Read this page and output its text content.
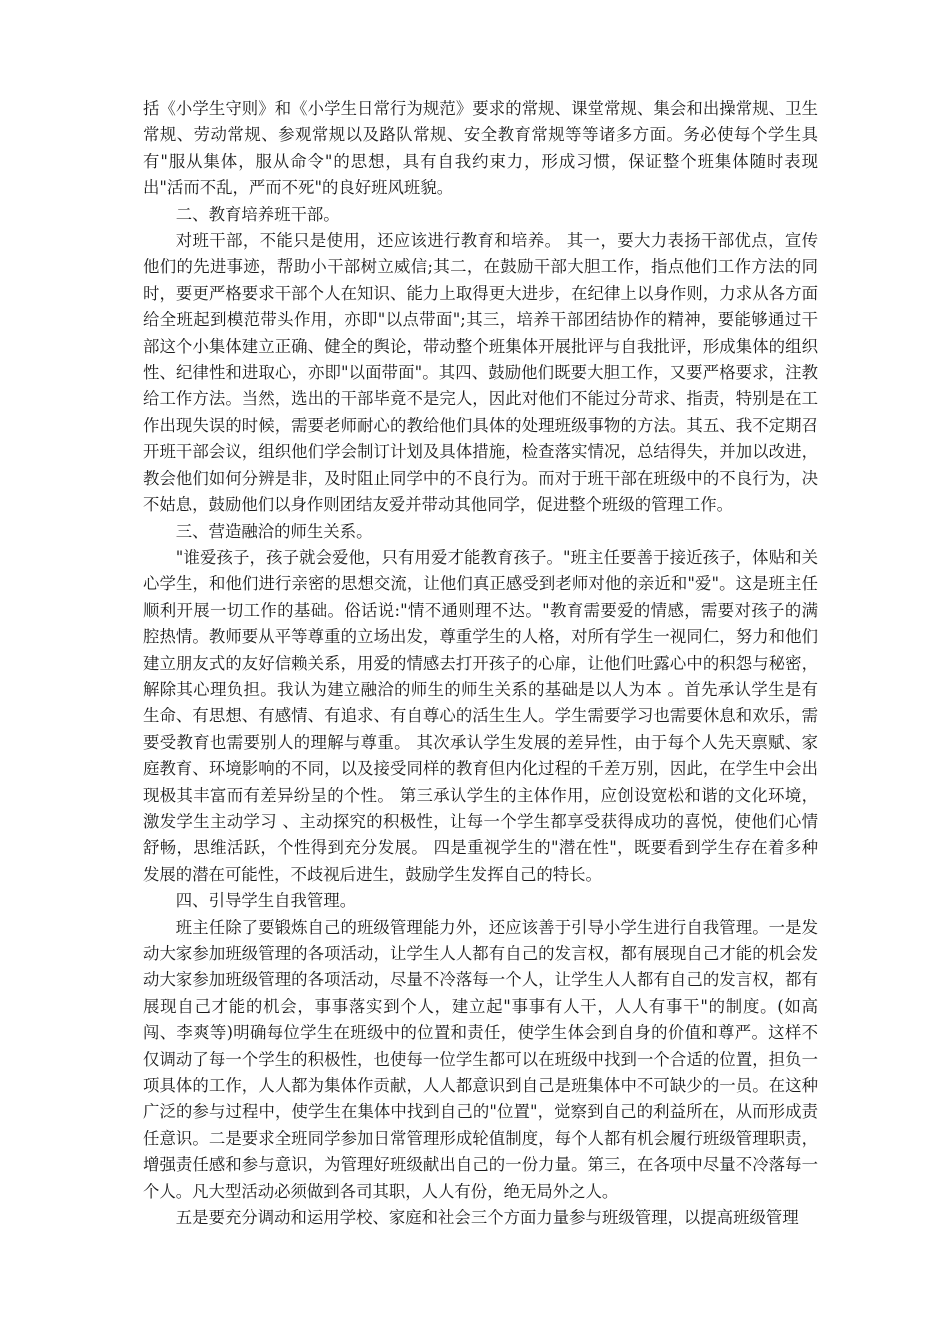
括《小学生守则》和《小学生日常行为规范》要求的常规、课堂常规、集会和出操常规、卫生常规、劳动常规、参观常规以及路队常规、安全教育常规等等诸多方面。务必使每个学生具有"服从集体，服从命令"的思想，具有自我约束力，形成习惯，保证整个班集体随时表现出"活而不乱，严而不死"的良好班风班貌。

二、教育培养班干部。

对班干部，不能只是使用，还应该进行教育和培养。 其一，要大力表扬干部优点，宣传他们的先进事迹，帮助小干部树立威信;其二，在鼓励干部大胆工作，指点他们工作方法的同时，要更严格要求干部个人在知识、能力上取得更大进步，在纪律上以身作则，力求从各方面给全班起到模范带头作用，亦即"以点带面";其三，培养干部团结协作的精神，要能够通过干部这个小集体建立正确、健全的舆论，带动整个班集体开展批评与自我批评，形成集体的组织性、纪律性和进取心，亦即"以面带面"。其四、鼓励他们既要大胆工作，又要严格要求，注教给工作方法。当然，选出的干部毕竟不是完人，因此对他们不能过分苛求、指责，特别是在工作出现失误的时候，需要老师耐心的教给他们具体的处理班级事物的方法。其五、我不定期召开班干部会议，组织他们学会制订计划及具体措施，检查落实情况，总结得失，并加以改进，教会他们如何分辨是非，及时阻止同学中的不良行为。而对于班干部在班级中的不良行为，决不姑息，鼓励他们以身作则团结友爱并带动其他同学，促进整个班级的管理工作。

三、营造融洽的师生关系。

"谁爱孩子，孩子就会爱他，只有用爱才能教育孩子。"班主任要善于接近孩子，体贴和关心学生，和他们进行亲密的思想交流，让他们真正感受到老师对他的亲近和"爱"。这是班主任顺利开展一切工作的基础。俗话说:"情不通则理不达。"教育需要爱的情感，需要对孩子的满腔热情。教师要从平等尊重的立场出发，尊重学生的人格，对所有学生一视同仁，努力和他们建立朋友式的友好信赖关系，用爱的情感去打开孩子的心扉，让他们吐露心中的积怨与秘密，解除其心理负担。我认为建立融洽的师生的师生关系的基础是以人为本 。首先承认学生是有生命、有思想、有感情、有追求、有自尊心的活生生人。学生需要学习也需要休息和欢乐，需要受教育也需要别人的理解与尊重。 其次承认学生发展的差异性，由于每个人先天禀赋、家庭教育、环境影响的不同，以及接受同样的教育但内化过程的千差万别，因此，在学生中会出现极其丰富而有差异纷呈的个性。 第三承认学生的主体作用，应创设宽松和谐的文化环境，激发学生主动学习 、主动探究的积极性，让每一个学生都享受获得成功的喜悦，使他们心情舒畅，思维活跃，个性得到充分发展。 四是重视学生的"潜在性"，既要看到学生存在着多种发展的潜在可能性，不歧视后进生，鼓励学生发挥自己的特长。

四、引导学生自我管理。

班主任除了要锻炼自己的班级管理能力外，还应该善于引导小学生进行自我管理。一是发动大家参加班级管理的各项活动，让学生人人都有自己的发言权，都有展现自己才能的机会发动大家参加班级管理的各项活动，尽量不冷落每一个人，让学生人人都有自己的发言权，都有展现自己才能的机会，事事落实到个人，建立起"事事有人干，人人有事干"的制度。(如高闯、李爽等)明确每位学生在班级中的位置和责任，使学生体会到自身的价值和尊严。这样不仅调动了每一个学生的积极性，也使每一位学生都可以在班级中找到一个合适的位置，担负一项具体的工作，人人都为集体作贡献，人人都意识到自己是班集体中不可缺少的一员。在这种广泛的参与过程中，使学生在集体中找到自己的"位置"，觉察到自己的利益所在，从而形成责任意识。二是要求全班同学参加日常管理形成轮值制度，每个人都有机会履行班级管理职责，增强责任感和参与意识，为管理好班级献出自己的一份力量。第三，在各项中尽量不冷落每一个人。凡大型活动必须做到各司其职，人人有份，绝无局外之人。

五是要充分调动和运用学校、家庭和社会三个方面力量参与班级管理，以提高班级管理
